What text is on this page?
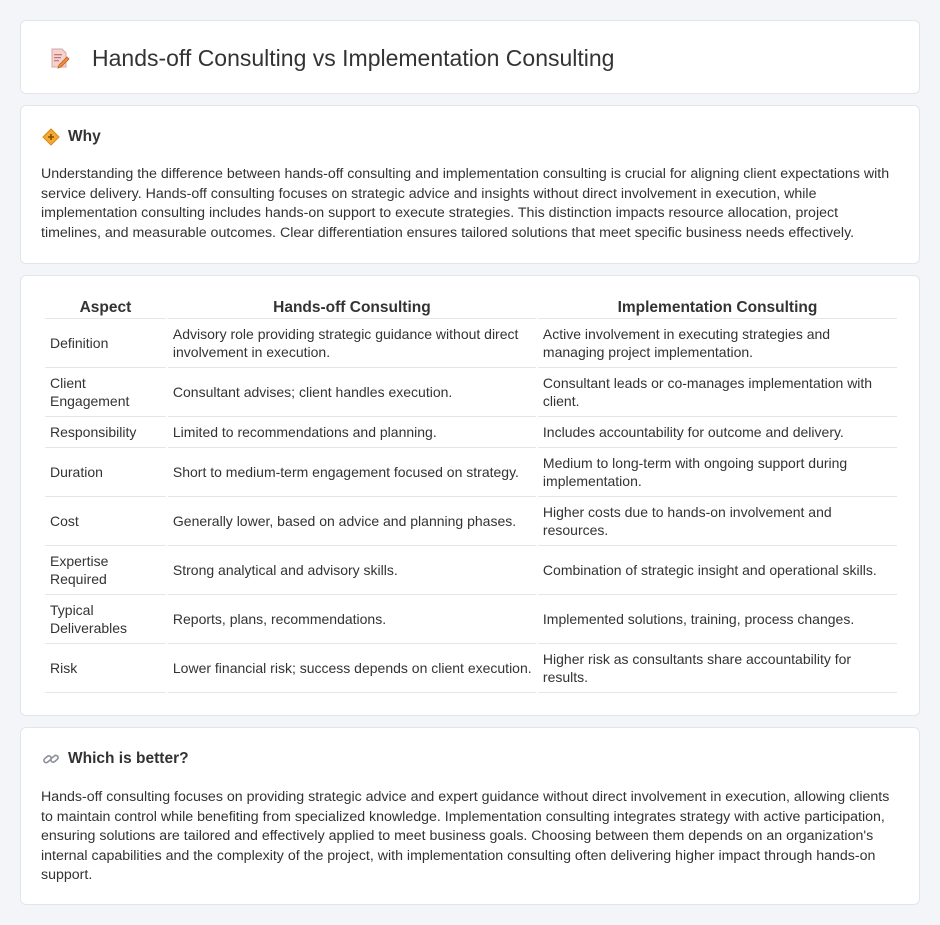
Hands-off Consulting vs Implementation Consulting
Why

Understanding the difference between hands-off consulting and implementation consulting is crucial for aligning client expectations with service delivery. Hands-off consulting focuses on strategic advice and insights without direct involvement in execution, while implementation consulting includes hands-on support to execute strategies. This distinction impacts resource allocation, project timelines, and measurable outcomes. Clear differentiation ensures tailored solutions that meet specific business needs effectively.

Aspect	Hands-off Consulting	Implementation Consulting
Definition	Advisory role providing strategic guidance without direct involvement in execution.	Active involvement in executing strategies and managing project implementation.
Client Engagement	Consultant advises; client handles execution.	Consultant leads or co-manages implementation with client.
Responsibility	Limited to recommendations and planning.	Includes accountability for outcome and delivery.
Duration	Short to medium-term engagement focused on strategy.	Medium to long-term with ongoing support during implementation.
Cost	Generally lower, based on advice and planning phases.	Higher costs due to hands-on involvement and resources.
Expertise Required	Strong analytical and advisory skills.	Combination of strategic insight and operational skills.
Typical Deliverables	Reports, plans, recommendations.	Implemented solutions, training, process changes.
Risk	Lower financial risk; success depends on client execution.	Higher risk as consultants share accountability for results.
Which is better?

Hands-off consulting focuses on providing strategic advice and expert guidance without direct involvement in execution, allowing clients to maintain control while benefiting from specialized knowledge. Implementation consulting integrates strategy with active participation, ensuring solutions are tailored and effectively applied to meet business goals. Choosing between them depends on an organization's internal capabilities and the complexity of the project, with implementation consulting often delivering higher impact through hands-on support.
